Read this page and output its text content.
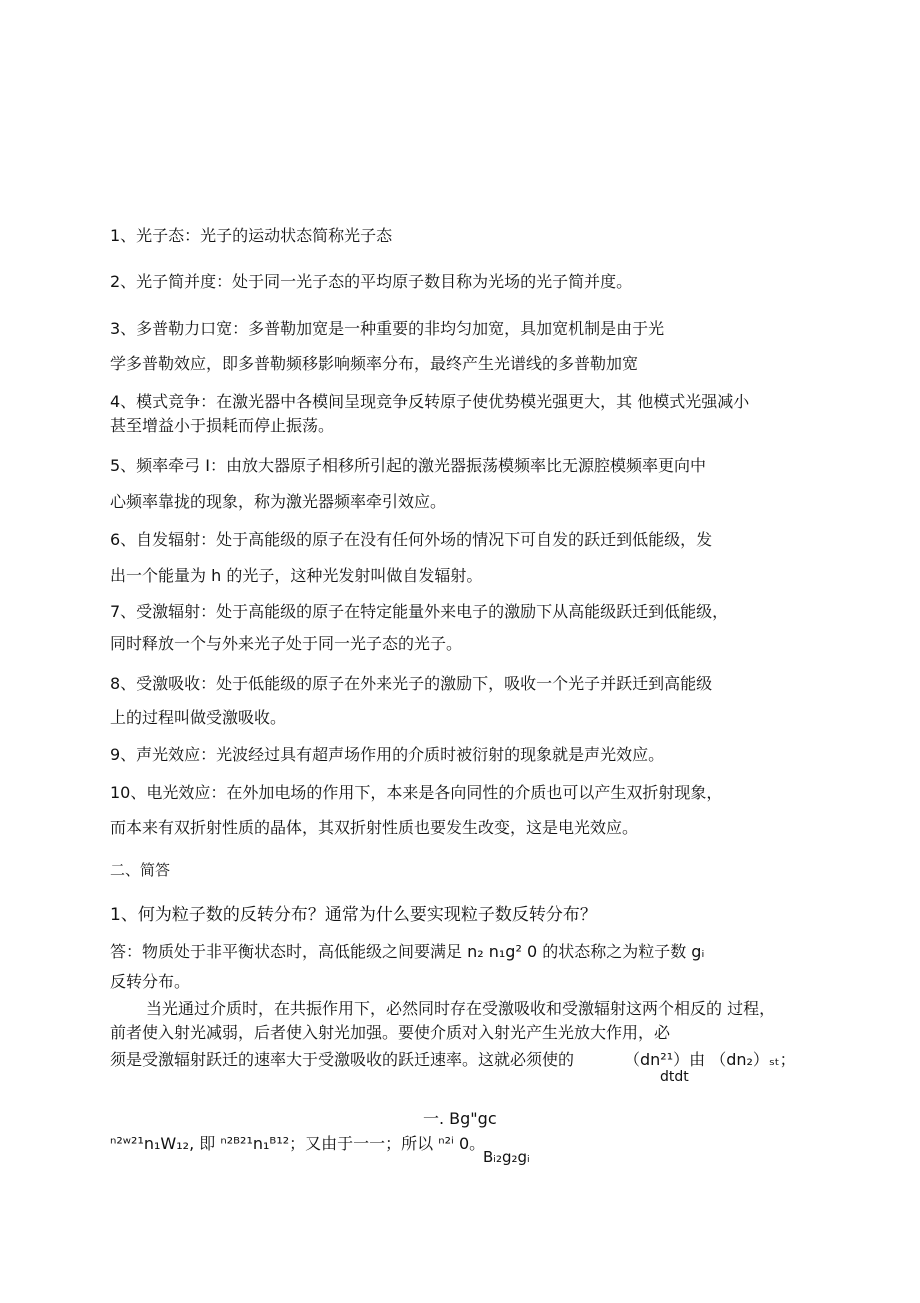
1、光子态：光子的运动状态简称光子态
2、光子简并度：处于同一光子态的平均原子数目称为光场的光子简并度。
3、多普勒力口宽：多普勒加宽是一种重要的非均匀加宽，具加宽机制是由于光
学多普勒效应，即多普勒频移影响频率分布，最终产生光谱线的多普勒加宽
4、模式竞争：在激光器中各模间呈现竞争反转原子使优势模光强更大，其 他模式光强减小
甚至增益小于损耗而停止振荡。
5、频率牵弓 I：由放大器原子相移所引起的激光器振荡模频率比无源腔模频率更向中
心频率靠拢的现象，称为激光器频率牵引效应。
6、自发辐射：处于高能级的原子在没有任何外场的情况下可自发的跃迁到低能级，发
出一个能量为 h 的光子，这种光发射叫做自发辐射。
7、受激辐射：处于高能级的原子在特定能量外来电子的激励下从高能级跃迁到低能级，
同时释放一个与外来光子处于同一光子态的光子。
8、受激吸收：处于低能级的原子在外来光子的激励下，吸收一个光子并跃迁到高能级
上的过程叫做受激吸收。
9、声光效应：光波经过具有超声场作用的介质时被衍射的现象就是声光效应。
10、电光效应：在外加电场的作用下，本来是各向同性的介质也可以产生双折射现象，
而本来有双折射性质的晶体，其双折射性质也要发生改变，这是电光效应。
二、简答
1、何为粒子数的反转分布？通常为什么要实现粒子数反转分布？
答：物质处于非平衡状态时，高低能级之间要满足 n₂ n₁g² 0 的状态称之为粒子数 gᵢ
反转分布。
当光通过介质时，在共振作用下，必然同时存在受激吸收和受激辐射这两个相反的 过程，
前者使入射光减弱，后者使入射光加强。要使介质对入射光产生光放大作用，必
须是受激辐射跃迁的速率大于受激吸收的跃迁速率。这就必须使的	（dn²¹）由 （dn₂）ₛₜ；
dtdt
一. Bg"gc
ⁿ²ʷ²¹n₁W₁₂, 即 ⁿ²ᴮ²¹n₁ᴮ¹²；又由于一一；所以 ⁿ²ⁱ 0。
Bᵢ₂g₂gᵢ
